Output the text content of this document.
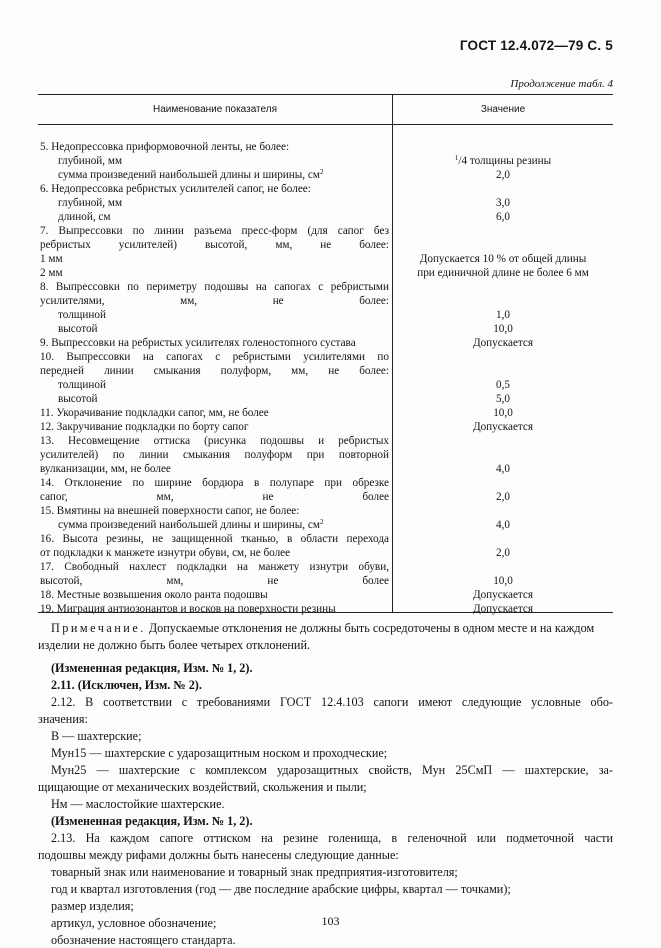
ГОСТ 12.4.072—79 С. 5
Продолжение табл. 4
Наименование показателя	Значение
5. Недопрессовка приформовочной ленты, не более:
глубиной, мм	$^1$/4 толщины резины
сумма произведений наибольшей длины и ширины, $см^2$	2,0
6. Недопрессовка ребристых усилителей сапог, не более:
глубиной, мм	3,0
длиной, см	6,0
7. Выпрессовки по линии разъема пресс-форм (для сапог без
ребристых усилителей) высотой, мм, не более:
1 мм	Допускается 10 % от общей длины
2 мм	при единичной длине не более 6 мм
8. Выпрессовки по периметру подошвы на сапогах с ребристыми
усилителями, мм, не более:
толщиной	1,0
высотой	10,0
9. Выпрессовки на ребристых усилителях голеностопного сустава	Допускается
10. Выпрессовки на сапогах с ребристыми усилителями по
передней линии смыкания полуформ, мм, не более:
толщиной	0,5
высотой	5,0
11. Укорачивание подкладки сапог, мм, не более	10,0
12. Закручивание подкладки по борту сапог	Допускается
13. Несовмещение оттиска (рисунка подошвы и ребристых
усилителей) по линии смыкания полуформ при повторной
вулканизации, мм, не более	4,0
14. Отклонение по ширине бордюра в полупаре при обрезке
сапог, мм, не более	2,0
15. Вмятины на внешней поверхности сапог, не более:
сумма произведений наибольшей длины и ширины, $см^2$	4,0
16. Высота резины, не защищенной тканью, в области перехода
от подкладки к манжете изнутри обуви, см, не более	2,0
17. Свободный нахлест подкладки на манжету изнутри обуви,
высотой, мм, не более	10,0
18. Местные возвышения около ранта подошвы	Допускается
19. Миграция антиозонантов и восков на поверхности резины	Допускается
Примечание. Допускаемые отклонения не должны быть сосредоточены в одном месте и на каждом
изделии не должно быть более четырех отклонений.
(Измененная редакция, Изм. № 1, 2).
2.11. (Исключен, Изм. № 2).
2.12. В соответствии с требованиями ГОСТ 12.4.103 сапоги имеют следующие условные обо-
значения:
В — шахтерские;
Мун15 — шахтерские с ударозащитным носком и проходческие;
Мун25 — шахтерские с комплексом ударозащитных свойств, Мун 25СмП — шахтерские, за-
щищающие от механических воздействий, скольжения и пыли;
Нм — маслостойкие шахтерские.
(Измененная редакция, Изм. № 1, 2).
2.13. На каждом сапоге оттиском на резине голенища, в геленочной или подметочной части
подошвы между рифами должны быть нанесены следующие данные:
товарный знак или наименование и товарный знак предприятия-изготовителя;
год и квартал изготовления (год — две последние арабские цифры, квартал — точками);
размер изделия;
артикул, условное обозначение;
обозначение настоящего стандарта.
103
